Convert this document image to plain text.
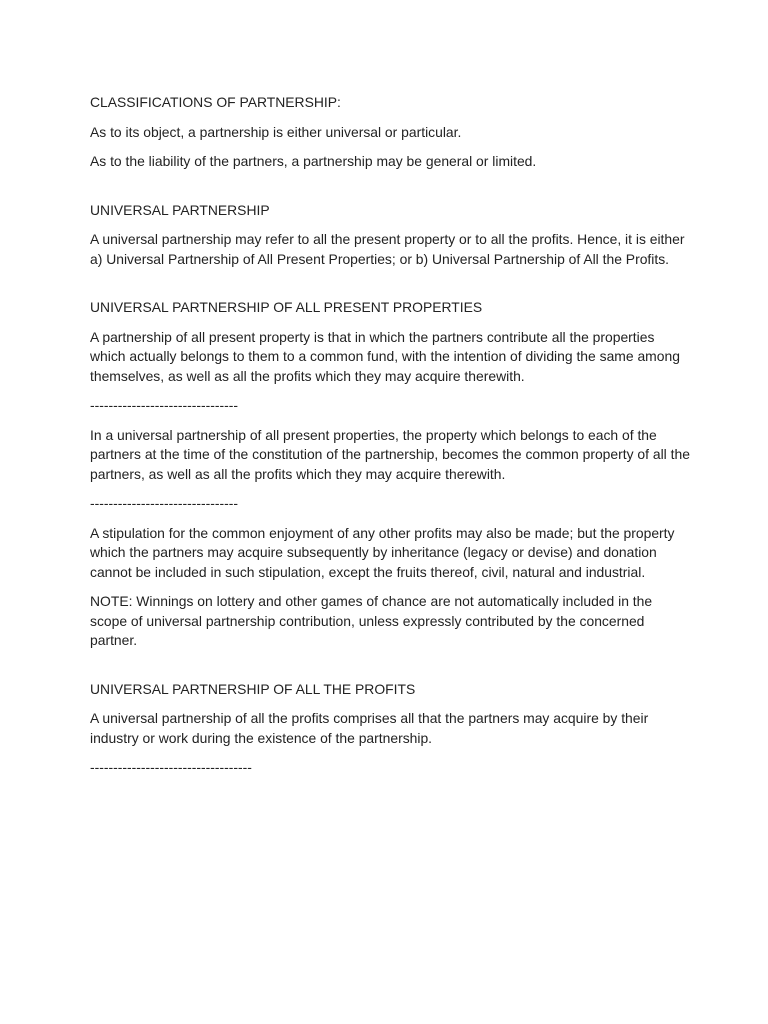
CLASSIFICATIONS OF PARTNERSHIP:

As to its object, a partnership is either universal or particular.

As to the liability of the partners, a partnership may be general or limited.

UNIVERSAL PARTNERSHIP

A universal partnership may refer to all the present property or to all the profits. Hence, it is either a) Universal Partnership of All Present Properties; or b) Universal Partnership of All the Profits.

UNIVERSAL PARTNERSHIP OF ALL PRESENT PROPERTIES

A partnership of all present property is that in which the partners contribute all the properties which actually belongs to them to a common fund, with the intention of dividing the same among themselves, as well as all the profits which they may acquire therewith.

--------------------------------

In a universal partnership of all present properties, the property which belongs to each of the partners at the time of the constitution of the partnership, becomes the common property of all the partners, as well as all the profits which they may acquire therewith.

--------------------------------

A stipulation for the common enjoyment of any other profits may also be made; but the property which the partners may acquire subsequently by inheritance (legacy or devise) and donation cannot be included in such stipulation, except the fruits thereof, civil, natural and industrial.

NOTE: Winnings on lottery and other games of chance are not automatically included in the scope of universal partnership contribution, unless expressly contributed by the concerned partner.

UNIVERSAL PARTNERSHIP OF ALL THE PROFITS

A universal partnership of all the profits comprises all that the partners may acquire by their industry or work during the existence of the partnership.

-----------------------------------
